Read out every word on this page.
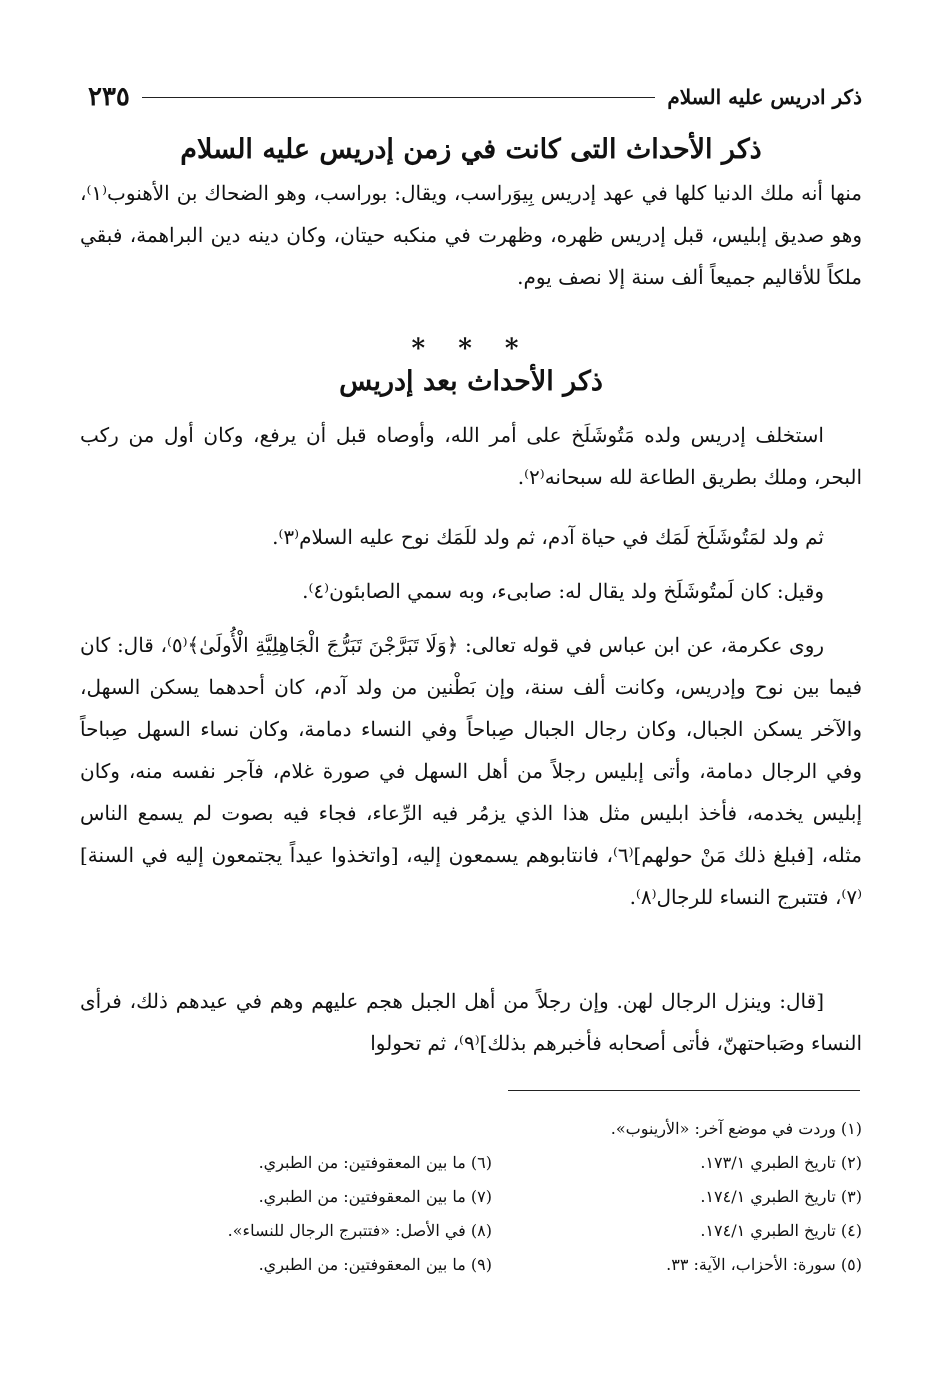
ذكر ادريس عليه السلام
٢٣٥
ذكر الأحداث التى كانت في زمن إدريس عليه السلام

منها أنه ملك الدنيا كلها في عهد إدريس بِيوَراسب، ويقال: بوراسب، وهو الضحاك بن الأهنوب⁽١⁾، وهو صديق إبليس، قبل إدريس ظهره، وظهرت في منكبه حيتان، وكان دينه دين البراهمة، فبقي ملكاً للأقاليم جميعاً ألف سنة إلا نصف يوم.

* * *
ذكر الأحداث بعد إدريس

استخلف إدريس ولده مَتُوشَلَخ على أمر الله، وأوصاه قبل أن يرفع، وكان أول من ركب البحر، وملك بطريق الطاعة لله سبحانه⁽٢⁾.

ثم ولد لمَتُوشَلَخ لَمَك في حياة آدم، ثم ولد للَمَك نوح عليه السلام⁽٣⁾.

وقيل: كان لَمتُوشَلَخ ولد يقال له: صابىء، وبه سمي الصابئون⁽٤⁾.

روى عكرمة، عن ابن عباس في قوله تعالى: ﴿وَلَا تَبَرَّجْنَ تَبَرُّجَ الْجَاهِلِيَّةِ الْأُولَىٰ﴾⁽٥⁾، قال: كان فيما بين نوح وإدريس، وكانت ألف سنة، وإن بَطْنين من ولد آدم، كان أحدهما يسكن السهل، والآخر يسكن الجبال، وكان رجال الجبال صِباحاً وفي النساء دمامة، وكان نساء السهل صِباحاً وفي الرجال دمامة، وأتى إبليس رجلاً من أهل السهل في صورة غلام، فآجر نفسه منه، وكان إبليس يخدمه، فأخذ ابليس مثل هذا الذي يزمُر فيه الرِّعاء، فجاء فيه بصوت لم يسمع الناس مثله، [فبلغ ذلك مَنْ حولهم]⁽٦⁾، فانتابوهم يسمعون إليه، [واتخذوا عيداً يجتمعون إليه في السنة]⁽٧⁾، فتتبرج النساء للرجال⁽٨⁾.

[قال: وينزل الرجال لهن. وإن رجلاً من أهل الجبل هجم عليهم وهم في عيدهم ذلك، فرأى النساء وصَباحتهنّ، فأتى أصحابه فأخبرهم بذلك]⁽٩⁾، ثم تحولوا

(١) وردت في موضع آخر: «الأرينوب».
(٢) تاريخ الطبري ١٧٣/١.
(٣) تاريخ الطبري ١٧٤/١.
(٤) تاريخ الطبري ١٧٤/١.
(٥) سورة: الأحزاب، الآية: ٣٣.
(٦) ما بين المعقوفتين: من الطبري.
(٧) ما بين المعقوفتين: من الطبري.
(٨) في الأصل: «فتتبرج الرجال للنساء».
(٩) ما بين المعقوفتين: من الطبري.
